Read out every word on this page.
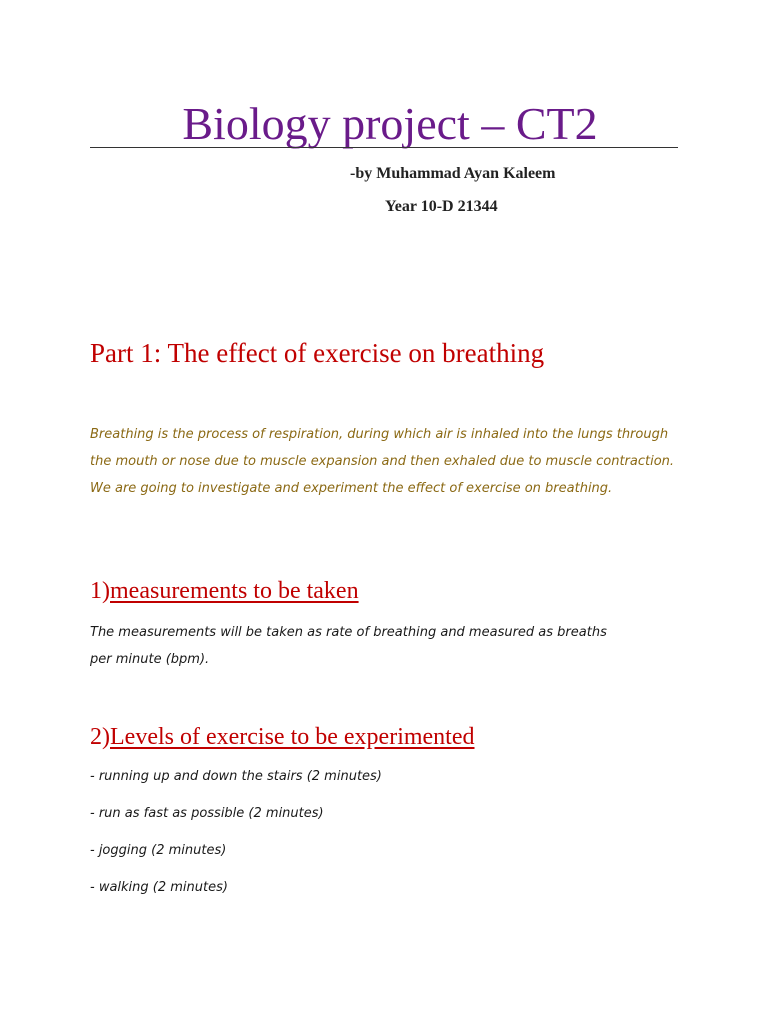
Biology project – CT2
-by Muhammad Ayan Kaleem
Year 10-D 21344
Part 1: The effect of exercise on breathing
Breathing is the process of respiration, during which air is inhaled into the lungs through the mouth or nose due to muscle expansion and then exhaled due to muscle contraction. We are going to investigate and experiment the effect of exercise on breathing.
1)measurements to be taken
The measurements will be taken as rate of breathing and measured as breaths per minute (bpm).
2)Levels of exercise to be experimented
- running up and down the stairs (2 minutes)
- run as fast as possible (2 minutes)
- jogging (2 minutes)
- walking (2 minutes)
